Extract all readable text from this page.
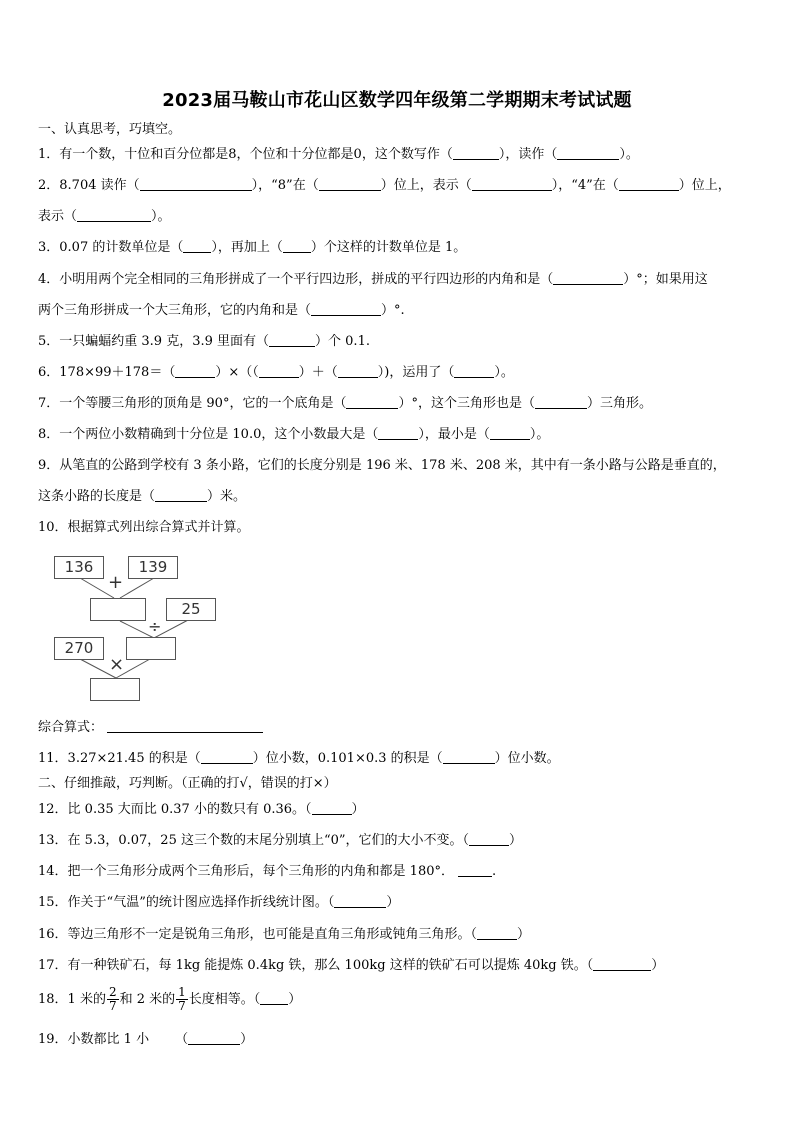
2023届马鞍山市花山区数学四年级第二学期期末考试试题
一、认真思考，巧填空。
1．有一个数，十位和百分位都是8，个位和十分位都是0，这个数写作（	），读作（	）。
2．8.704 读作（	），“8”在（	）位上，表示（	），“4”在（	）位上，
表示（	）。
3．0.07 的计数单位是（ ），再加上（ ）个这样的计数单位是 1。
4．小明用两个完全相同的三角形拼成了一个平行四边形，拼成的平行四边形的内角和是（	）°；如果用这
两个三角形拼成一个大三角形，它的内角和是（	）°.
5．一只蝙蝠约重 3.9 克，3.9 里面有（	）个 0.1.
6．178×99＋178＝（	）×（（	）＋（	）)，运用了（	）。
7．一个等腰三角形的顶角是 90°，它的一个底角是（	）°，这个三角形也是（	）三角形。
8．一个两位小数精确到十分位是 10.0，这个小数最大是（	），最小是（	）。
9．从笔直的公路到学校有 3 条小路，它们的长度分别是 196 米、178 米、208 米，其中有一条小路与公路是垂直的，
这条小路的长度是（	）米。
10．根据算式列出综合算式并计算。
136	139
+
25
÷
270
×
综合算式：
11．3.27×21.45 的积是（	）位小数，0.101×0.3 的积是（	）位小数。
二、仔细推敲，巧判断。（正确的打√，错误的打×）
12．比 0.35 大而比 0.37 小的数只有 0.36。（	）
13．在 5.3，0.07，25 这三个数的末尾分别填上“0”，它们的大小不变。（	）
14．把一个三角形分成两个三角形后，每个三角形的内角和都是 180°．	.
15．作关于“气温”的统计图应选择作折线统计图。（	）
16．等边三角形不一定是锐角三角形，也可能是直角三角形或钝角三角形。（	）
17．有一种铁矿石，每 1kg 能提炼 0.4kg 铁，那么 100kg 这样的铁矿石可以提炼 40kg 铁。（	）
18．1 米的 $\frac{2}{7}$ 和 2 米的 $\frac{1}{7}$ 长度相等。（ ）
19．小数都比 1 小 （	）
